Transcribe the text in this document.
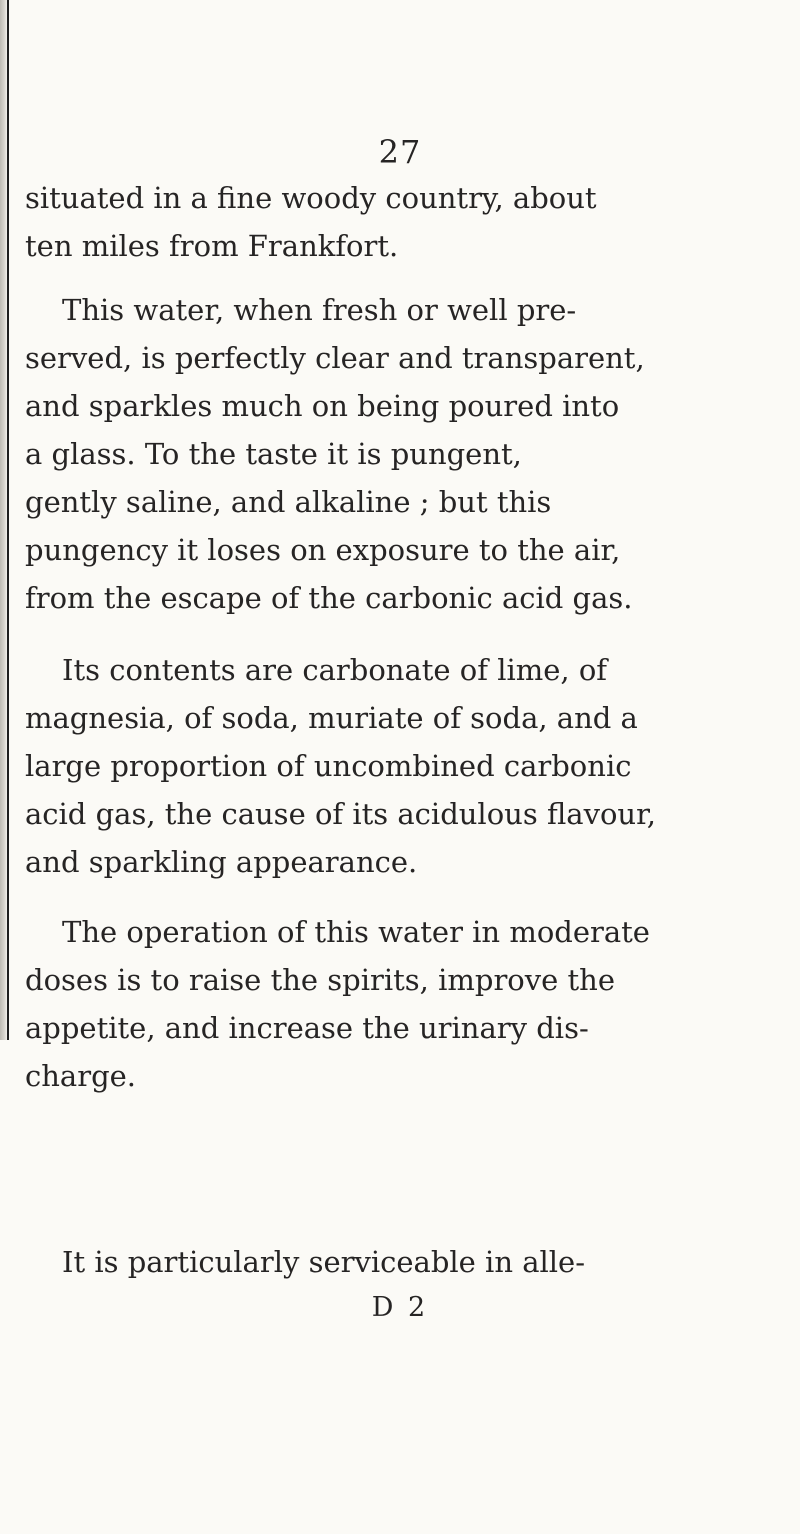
27
situated in a fine woody country, about
ten miles from Frankfort.
This water, when fresh or well pre-
served, is perfectly clear and transparent,
and sparkles much on being poured into
a glass. To the taste it is pungent,
gently saline, and alkaline ; but this
pungency it loses on exposure to the air,
from the escape of the carbonic acid gas.
Its contents are carbonate of lime, of
magnesia, of soda, muriate of soda, and a
large proportion of uncombined carbonic
acid gas, the cause of its acidulous flavour,
and sparkling appearance.
The operation of this water in moderate
doses is to raise the spirits, improve the
appetite, and increase the urinary dis-
charge.
It is particularly serviceable in alle-
D 2
